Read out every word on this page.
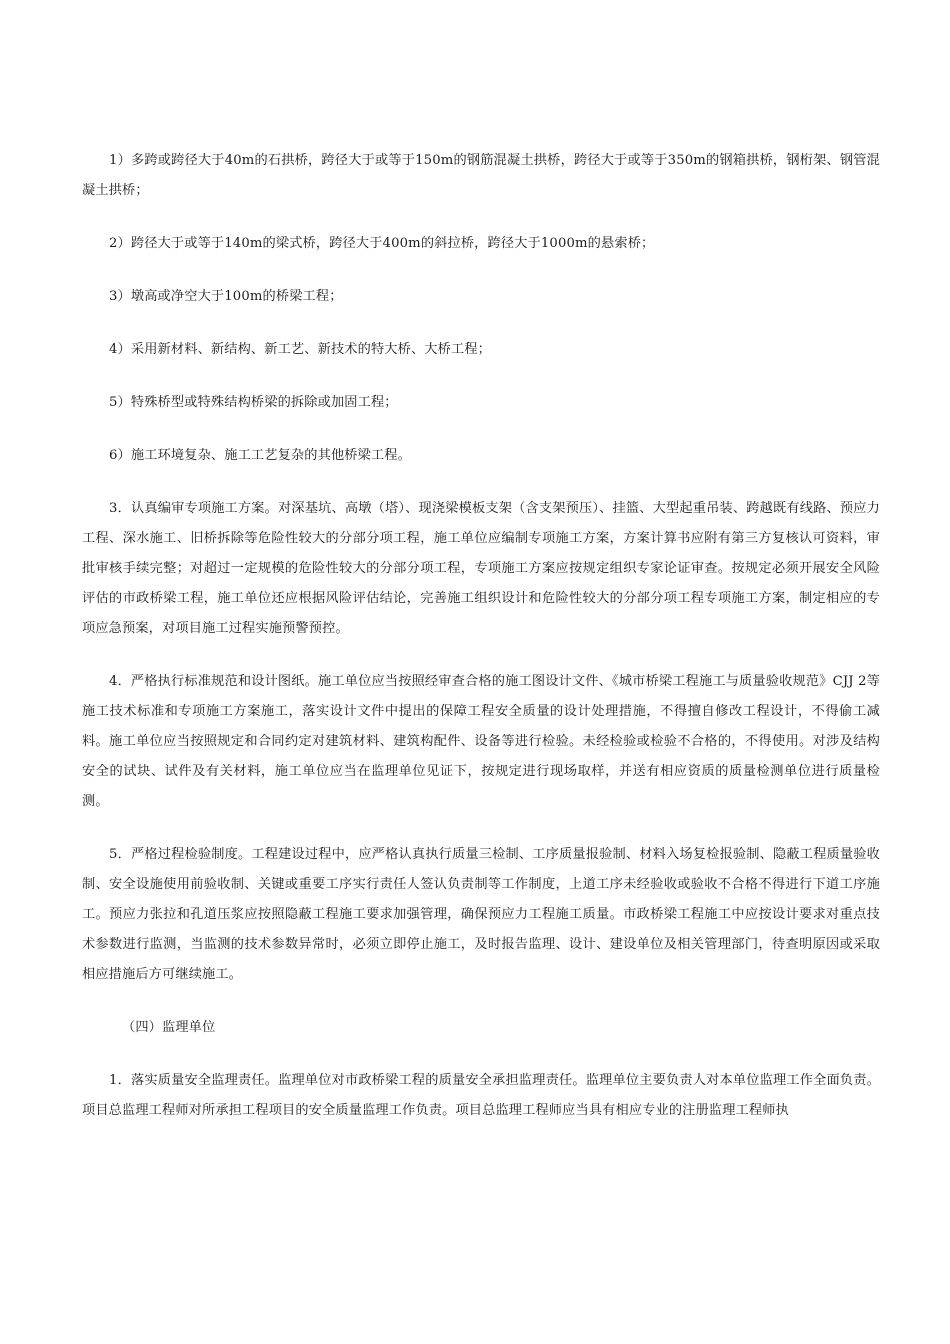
1）多跨或跨径大于40m的石拱桥，跨径大于或等于150m的钢筋混凝土拱桥，跨径大于或等于350m的钢箱拱桥，钢桁架、钢管混凝土拱桥；

2）跨径大于或等于140m的梁式桥，跨径大于400m的斜拉桥，跨径大于1000m的悬索桥；

3）墩高或净空大于100m的桥梁工程；

4）采用新材料、新结构、新工艺、新技术的特大桥、大桥工程；

5）特殊桥型或特殊结构桥梁的拆除或加固工程；

6）施工环境复杂、施工工艺复杂的其他桥梁工程。

3．认真编审专项施工方案。对深基坑、高墩（塔）、现浇梁模板支架（含支架预压）、挂篮、大型起重吊装、跨越既有线路、预应力工程、深水施工、旧桥拆除等危险性较大的分部分项工程，施工单位应编制专项施工方案，方案计算书应附有第三方复核认可资料，审批审核手续完整；对超过一定规模的危险性较大的分部分项工程，专项施工方案应按规定组织专家论证审查。按规定必须开展安全风险评估的市政桥梁工程，施工单位还应根据风险评估结论，完善施工组织设计和危险性较大的分部分项工程专项施工方案，制定相应的专项应急预案，对项目施工过程实施预警预控。

4．严格执行标准规范和设计图纸。施工单位应当按照经审查合格的施工图设计文件、《城市桥梁工程施工与质量验收规范》CJJ 2等施工技术标准和专项施工方案施工，落实设计文件中提出的保障工程安全质量的设计处理措施，不得擅自修改工程设计，不得偷工减料。施工单位应当按照规定和合同约定对建筑材料、建筑构配件、设备等进行检验。未经检验或检验不合格的，不得使用。对涉及结构安全的试块、试件及有关材料，施工单位应当在监理单位见证下，按规定进行现场取样，并送有相应资质的质量检测单位进行质量检测。

5．严格过程检验制度。工程建设过程中，应严格认真执行质量三检制、工序质量报验制、材料入场复检报验制、隐蔽工程质量验收制、安全设施使用前验收制、关键或重要工序实行责任人签认负责制等工作制度，上道工序未经验收或验收不合格不得进行下道工序施工。预应力张拉和孔道压浆应按照隐蔽工程施工要求加强管理，确保预应力工程施工质量。市政桥梁工程施工中应按设计要求对重点技术参数进行监测，当监测的技术参数异常时，必须立即停止施工，及时报告监理、设计、建设单位及相关管理部门，待查明原因或采取相应措施后方可继续施工。

（四）监理单位

1．落实质量安全监理责任。监理单位对市政桥梁工程的质量安全承担监理责任。监理单位主要负责人对本单位监理工作全面负责。项目总监理工程师对所承担工程项目的安全质量监理工作负责。项目总监理工程师应当具有相应专业的注册监理工程师执
